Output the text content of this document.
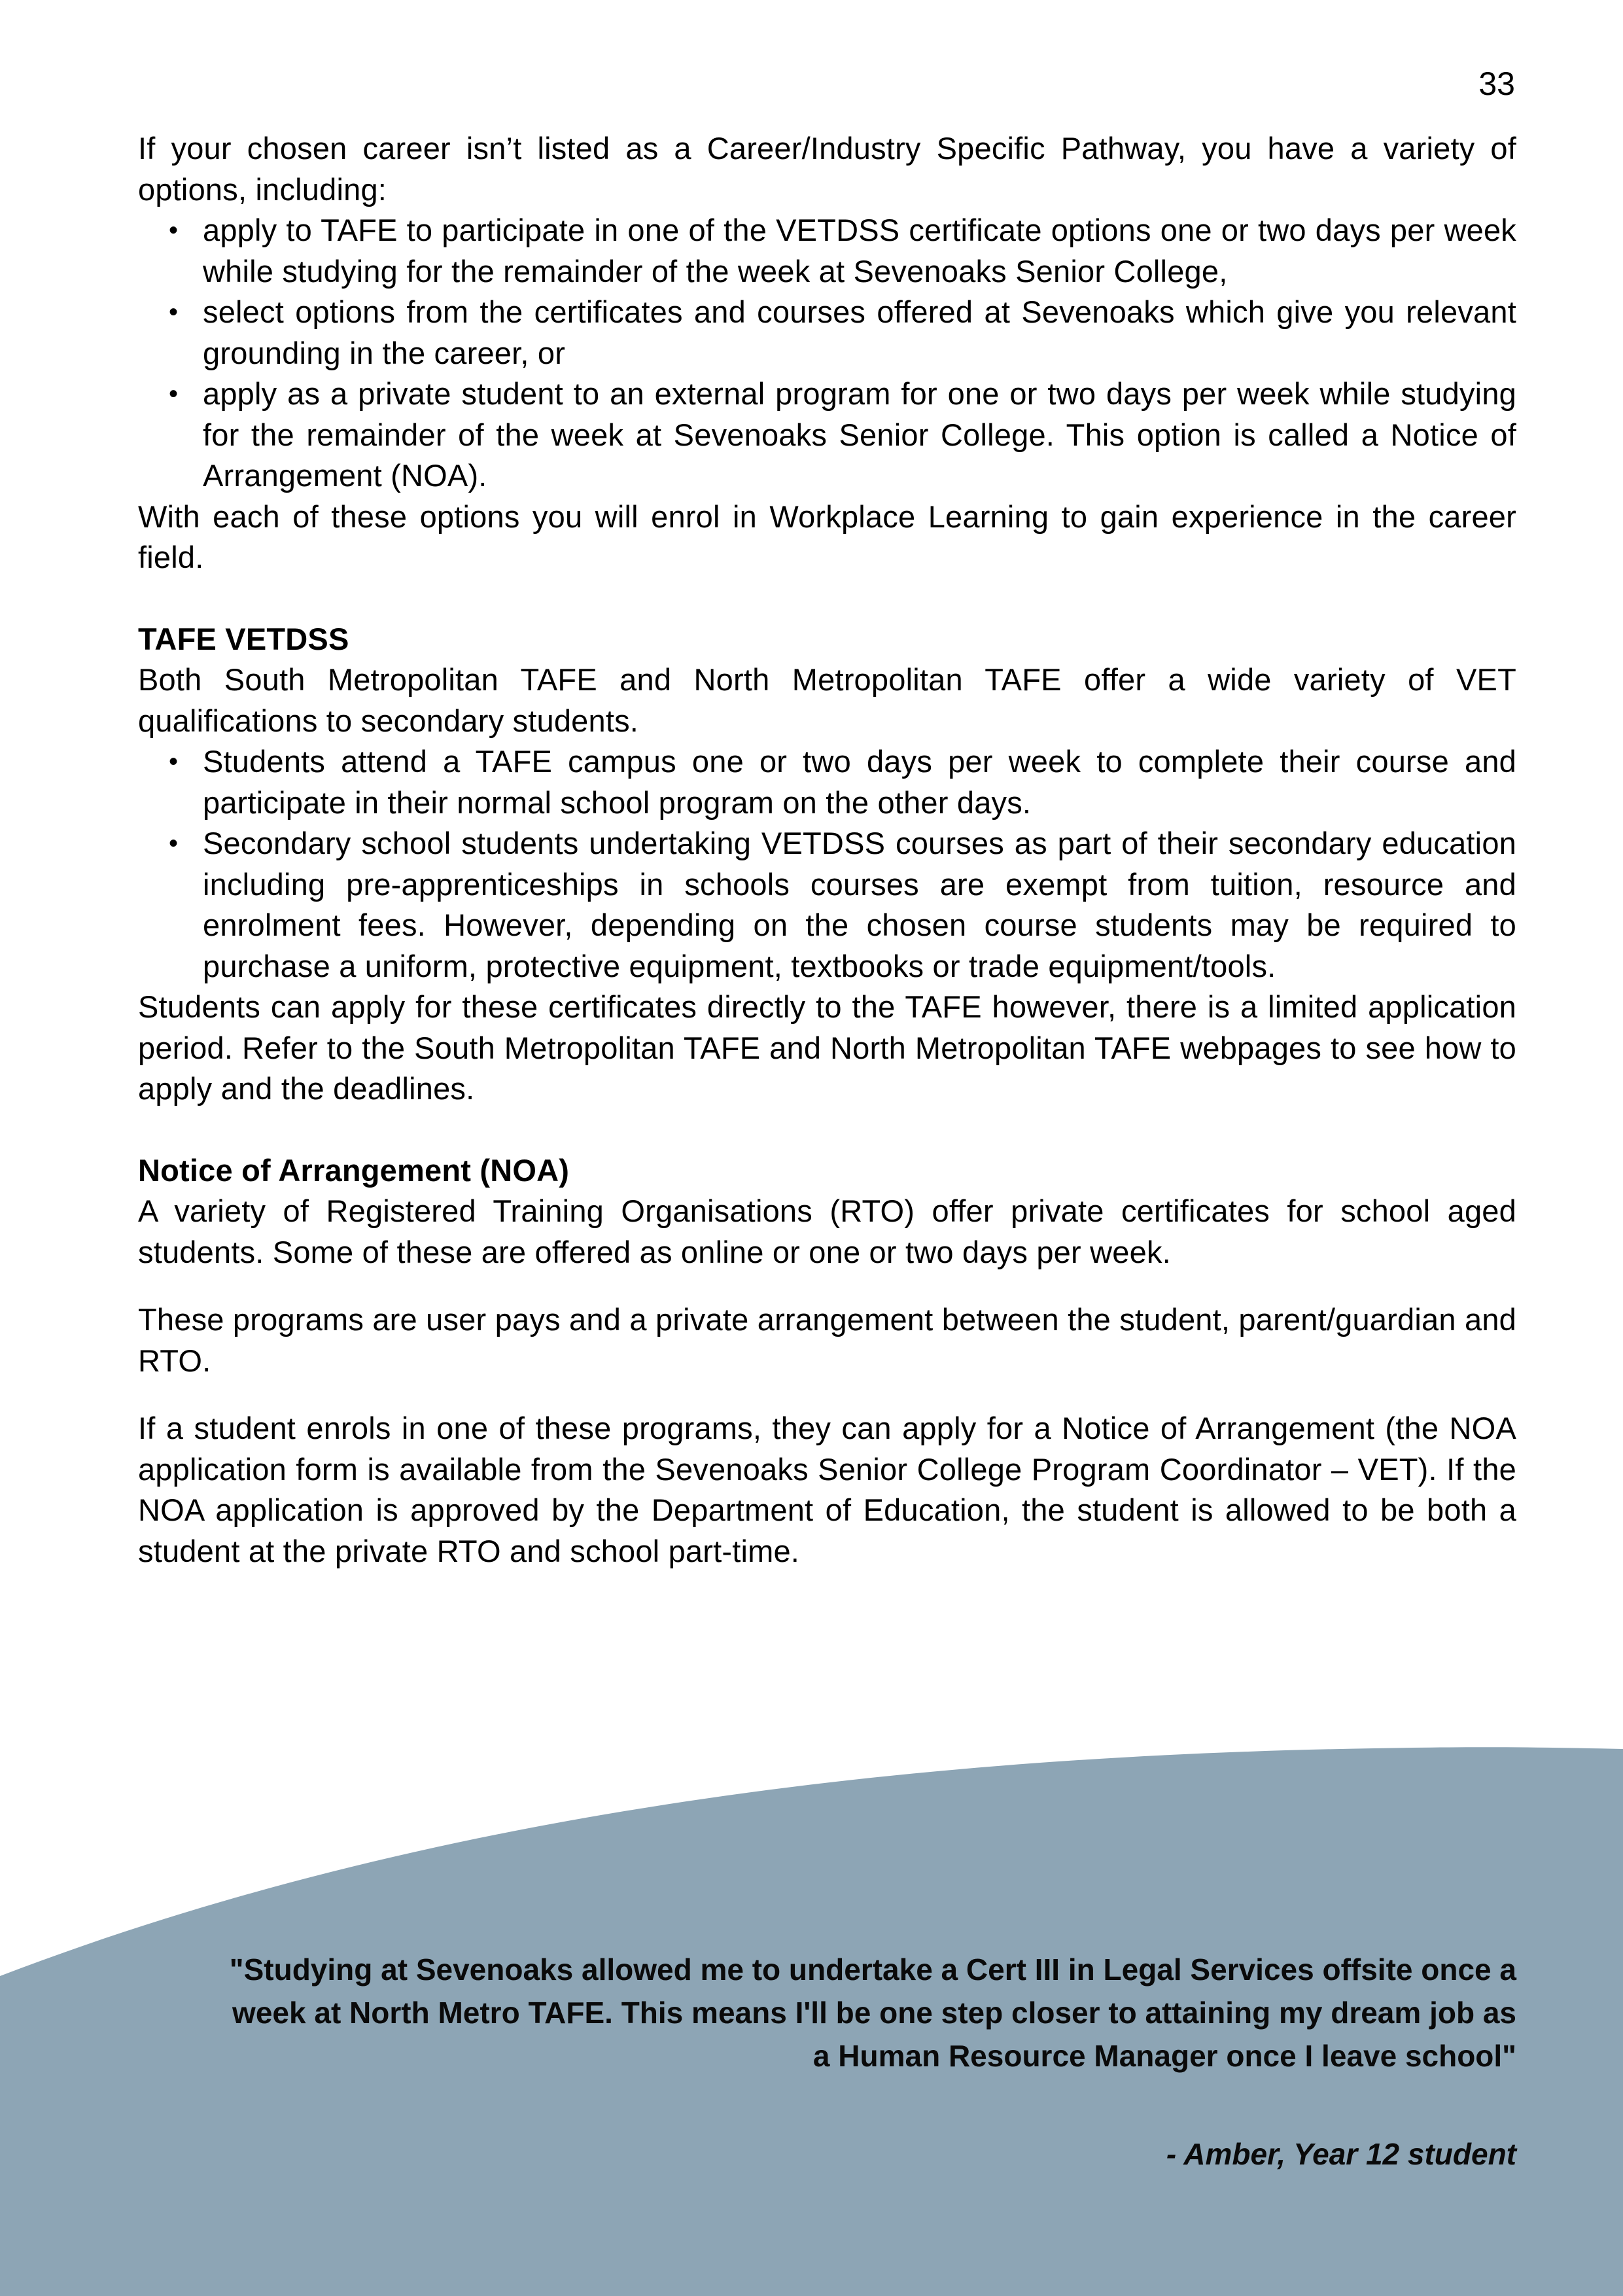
33

If your chosen career isn’t listed as a Career/Industry Specific Pathway, you have a variety of options, including:

• apply to TAFE to participate in one of the VETDSS certificate options one or two days per week while studying for the remainder of the week at Sevenoaks Senior College,
• select options from the certificates and courses offered at Sevenoaks which give you relevant grounding in the career, or
• apply as a private student to an external program for one or two days per week while studying for the remainder of the week at Sevenoaks Senior College. This option is called a Notice of Arrangement (NOA).

With each of these options you will enrol in Workplace Learning to gain experience in the career field.

TAFE VETDSS

Both South Metropolitan TAFE and North Metropolitan TAFE offer a wide variety of VET qualifications to secondary students.

• Students attend a TAFE campus one or two days per week to complete their course and participate in their normal school program on the other days.
• Secondary school students undertaking VETDSS courses as part of their secondary education including pre-apprenticeships in schools courses are exempt from tuition, resource and enrolment fees. However, depending on the chosen course students may be required to purchase a uniform, protective equipment, textbooks or trade equipment/tools.

Students can apply for these certificates directly to the TAFE however, there is a limited application period. Refer to the South Metropolitan TAFE and North Metropolitan TAFE webpages to see how to apply and the deadlines.

Notice of Arrangement (NOA)

A variety of Registered Training Organisations (RTO) offer private certificates for school aged students. Some of these are offered as online or one or two days per week.

These programs are user pays and a private arrangement between the student, parent/guardian and RTO.

If a student enrols in one of these programs, they can apply for a Notice of Arrangement (the NOA application form is available from the Sevenoaks Senior College Program Coordinator – VET). If the NOA application is approved by the Department of Education, the student is allowed to be both a student at the private RTO and school part-time.

"Studying at Sevenoaks allowed me to undertake a Cert III in Legal Services offsite once a week at North Metro TAFE. This means I'll be one step closer to attaining my dream job as a Human Resource Manager once I leave school"
- Amber, Year 12 student
